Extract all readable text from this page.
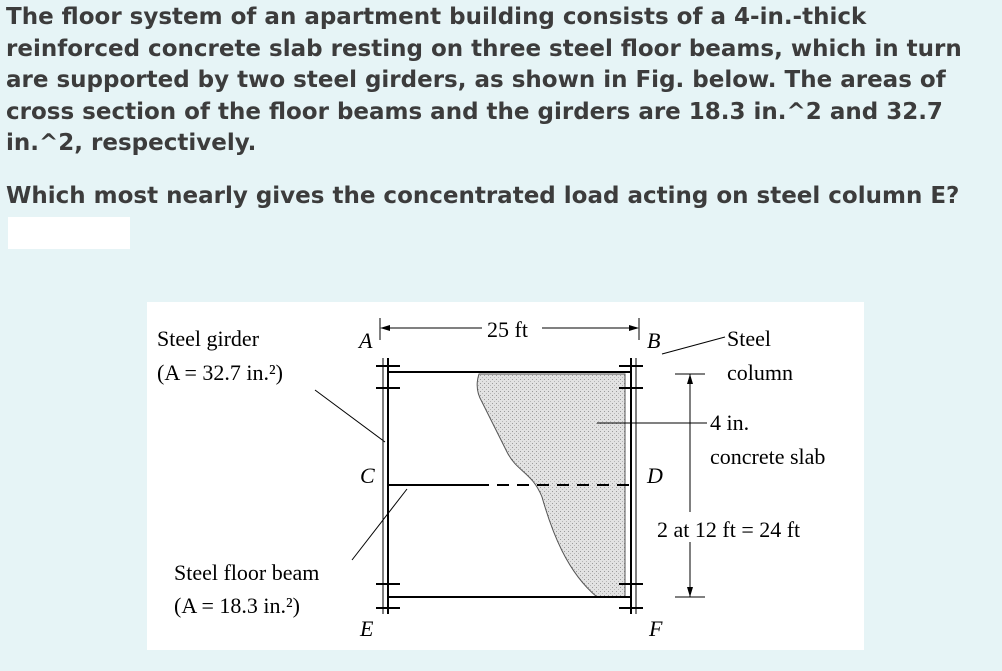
The floor system of an apartment building consists of a 4-in.-thick reinforced concrete slab resting on three steel floor beams, which in turn are supported by two steel girders, as shown in Fig. below. The areas of cross section of the floor beams and the girders are 18.3 in.^2 and 32.7 in.^2, respectively.

Which most nearly gives the concentrated load acting on steel column E?

25 ft
2 at 12 ft = 24 ft
A	B
C	D
E	F
Steel girder
(A = 32.7 in.²)
Steel floor beam
(A = 18.3 in.²)
Steel
column
4 in.
concrete slab
